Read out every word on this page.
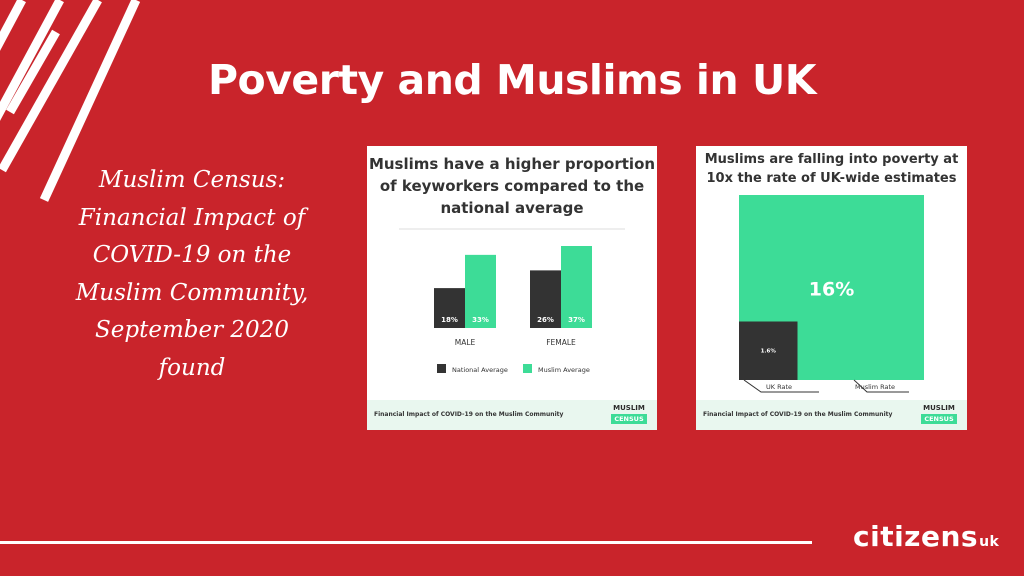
Poverty and Muslims in UK
Muslim Census:
Financial Impact of
COVID-19 on the
Muslim Community,
September 2020
found
Muslims have a higher proportion
of keyworkers compared to the
national average
18% 33%
MALE
26% 37%
FEMALE
National Average	Muslim Average
Financial Impact of COVID-19 on the Muslim Community
MUSLIM
CENSUS
Muslims are falling into poverty at
10x the rate of UK-wide estimates
16%
1.6%
UK Rate	Muslim Rate
Financial Impact of COVID-19 on the Muslim Community
MUSLIM
CENSUS
citizensuk
